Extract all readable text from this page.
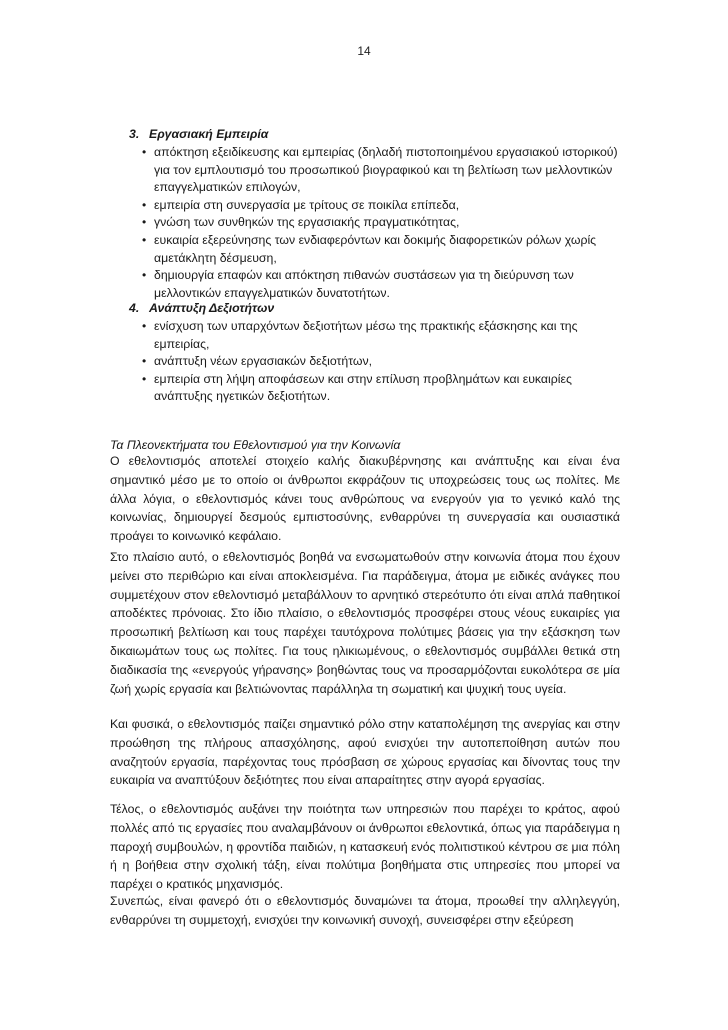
14
3. Εργασιακή Εμπειρία
• απόκτηση εξειδίκευσης και εμπειρίας (δηλαδή πιστοποιημένου εργασιακού ιστορικού) για τον εμπλουτισμό του προσωπικού βιογραφικού και τη βελτίωση των μελλοντικών επαγγελματικών επιλογών,
• εμπειρία στη συνεργασία με τρίτους σε ποικίλα επίπεδα,
• γνώση των συνθηκών της εργασιακής πραγματικότητας,
• ευκαιρία εξερεύνησης των ενδιαφερόντων και δοκιμής διαφορετικών ρόλων χωρίς αμετάκλητη δέσμευση,
• δημιουργία επαφών και απόκτηση πιθανών συστάσεων για τη διεύρυνση των μελλοντικών επαγγελματικών δυνατοτήτων.
4. Ανάπτυξη Δεξιοτήτων
• ενίσχυση των υπαρχόντων δεξιοτήτων μέσω της πρακτικής εξάσκησης και της εμπειρίας,
• ανάπτυξη νέων εργασιακών δεξιοτήτων,
• εμπειρία στη λήψη αποφάσεων και στην επίλυση προβλημάτων και ευκαιρίες ανάπτυξης ηγετικών δεξιοτήτων.
Τα Πλεονεκτήματα του Εθελοντισμού για την Κοινωνία

Ο εθελοντισμός αποτελεί στοιχείο καλής διακυβέρνησης και ανάπτυξης και είναι ένα σημαντικό μέσο με το οποίο οι άνθρωποι εκφράζουν τις υποχρεώσεις τους ως πολίτες. Με άλλα λόγια, ο εθελοντισμός κάνει τους ανθρώπους να ενεργούν για το γενικό καλό της κοινωνίας, δημιουργεί δεσμούς εμπιστοσύνης, ενθαρρύνει τη συνεργασία και ουσιαστικά προάγει το κοινωνικό κεφάλαιο.

Στο πλαίσιο αυτό, ο εθελοντισμός βοηθά να ενσωματωθούν στην κοινωνία άτομα που έχουν μείνει στο περιθώριο και είναι αποκλεισμένα. Για παράδειγμα, άτομα με ειδικές ανάγκες που συμμετέχουν στον εθελοντισμό μεταβάλλουν το αρνητικό στερεότυπο ότι είναι απλά παθητικοί αποδέκτες πρόνοιας. Στο ίδιο πλαίσιο, ο εθελοντισμός προσφέρει στους νέους ευκαιρίες για προσωπική βελτίωση και τους παρέχει ταυτόχρονα πολύτιμες βάσεις για την εξάσκηση των δικαιωμάτων τους ως πολίτες. Για τους ηλικιωμένους, ο εθελοντισμός συμβάλλει θετικά στη διαδικασία της «ενεργούς γήρανσης» βοηθώντας τους να προσαρμόζονται ευκολότερα σε μία ζωή χωρίς εργασία και βελτιώνοντας παράλληλα τη σωματική και ψυχική τους υγεία.

Και φυσικά, ο εθελοντισμός παίζει σημαντικό ρόλο στην καταπολέμηση της ανεργίας και στην προώθηση της πλήρους απασχόλησης, αφού ενισχύει την αυτοπεποίθηση αυτών που αναζητούν εργασία, παρέχοντας τους πρόσβαση σε χώρους εργασίας και δίνοντας τους την ευκαιρία να αναπτύξουν δεξιότητες που είναι απαραίτητες στην αγορά εργασίας.

Τέλος, ο εθελοντισμός αυξάνει την ποιότητα των υπηρεσιών που παρέχει το κράτος, αφού πολλές από τις εργασίες που αναλαμβάνουν οι άνθρωποι εθελοντικά, όπως για παράδειγμα η παροχή συμβουλών, η φροντίδα παιδιών, η κατασκευή ενός πολιτιστικού κέντρου σε μια πόλη ή η βοήθεια στην σχολική τάξη, είναι πολύτιμα βοηθήματα στις υπηρεσίες που μπορεί να παρέχει ο κρατικός μηχανισμός.

Συνεπώς, είναι φανερό ότι ο εθελοντισμός δυναμώνει τα άτομα, προωθεί την αλληλεγγύη, ενθαρρύνει τη συμμετοχή, ενισχύει την κοινωνική συνοχή, συνεισφέρει στην εξεύρεση
